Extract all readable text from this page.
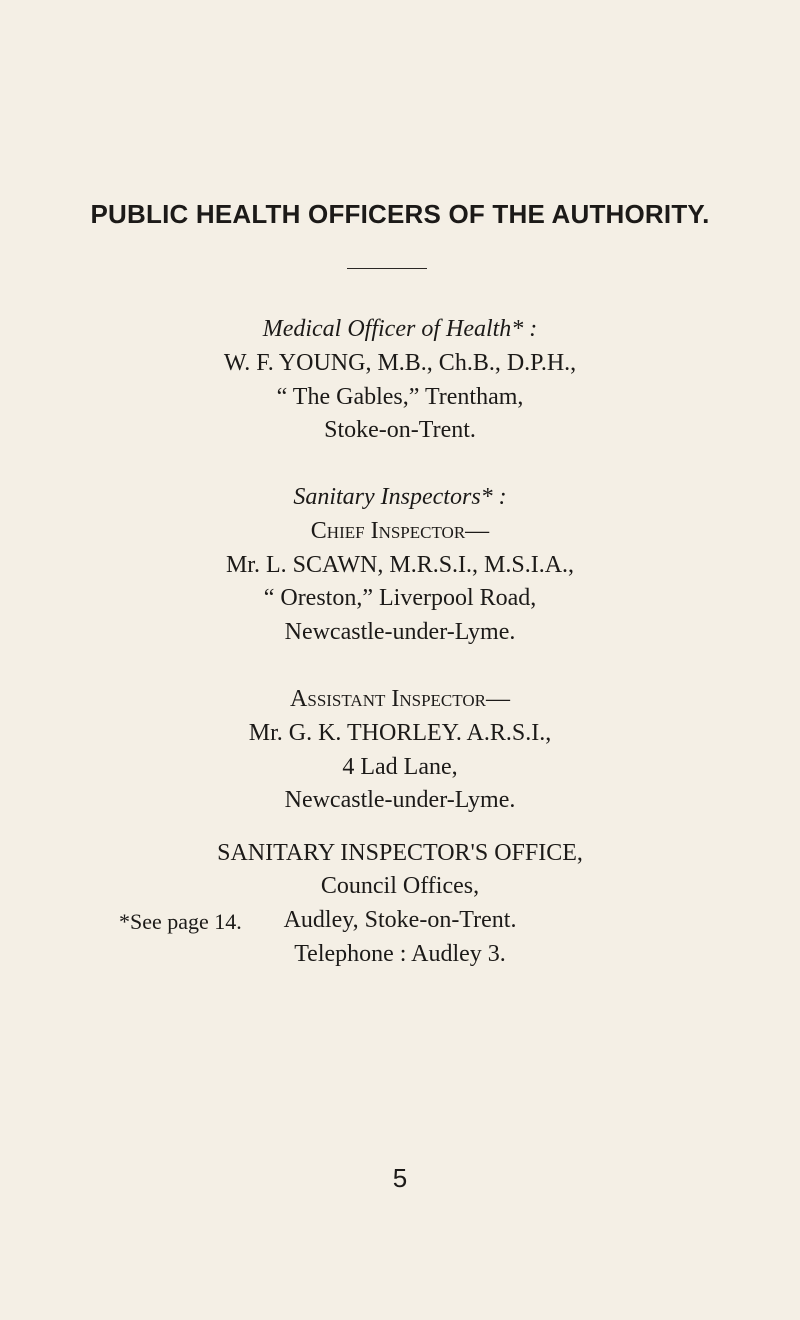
PUBLIC HEALTH OFFICERS OF THE AUTHORITY.

Medical Officer of Health* :

W. F. YOUNG, M.B., Ch.B., D.P.H.,

“ The Gables,” Trentham,

Stoke-on-Trent.

Sanitary Inspectors* :

Chief Inspector—

Mr. L. SCAWN, M.R.S.I., M.S.I.A.,

“ Oreston,” Liverpool Road,

Newcastle-under-Lyme.

Assistant Inspector—

Mr. G. K. THORLEY. A.R.S.I.,

4 Lad Lane,

Newcastle-under-Lyme.

SANITARY INSPECTOR'S OFFICE,

Council Offices,

Audley, Stoke-on-Trent.

Telephone : Audley 3.

*See page 14.

5
